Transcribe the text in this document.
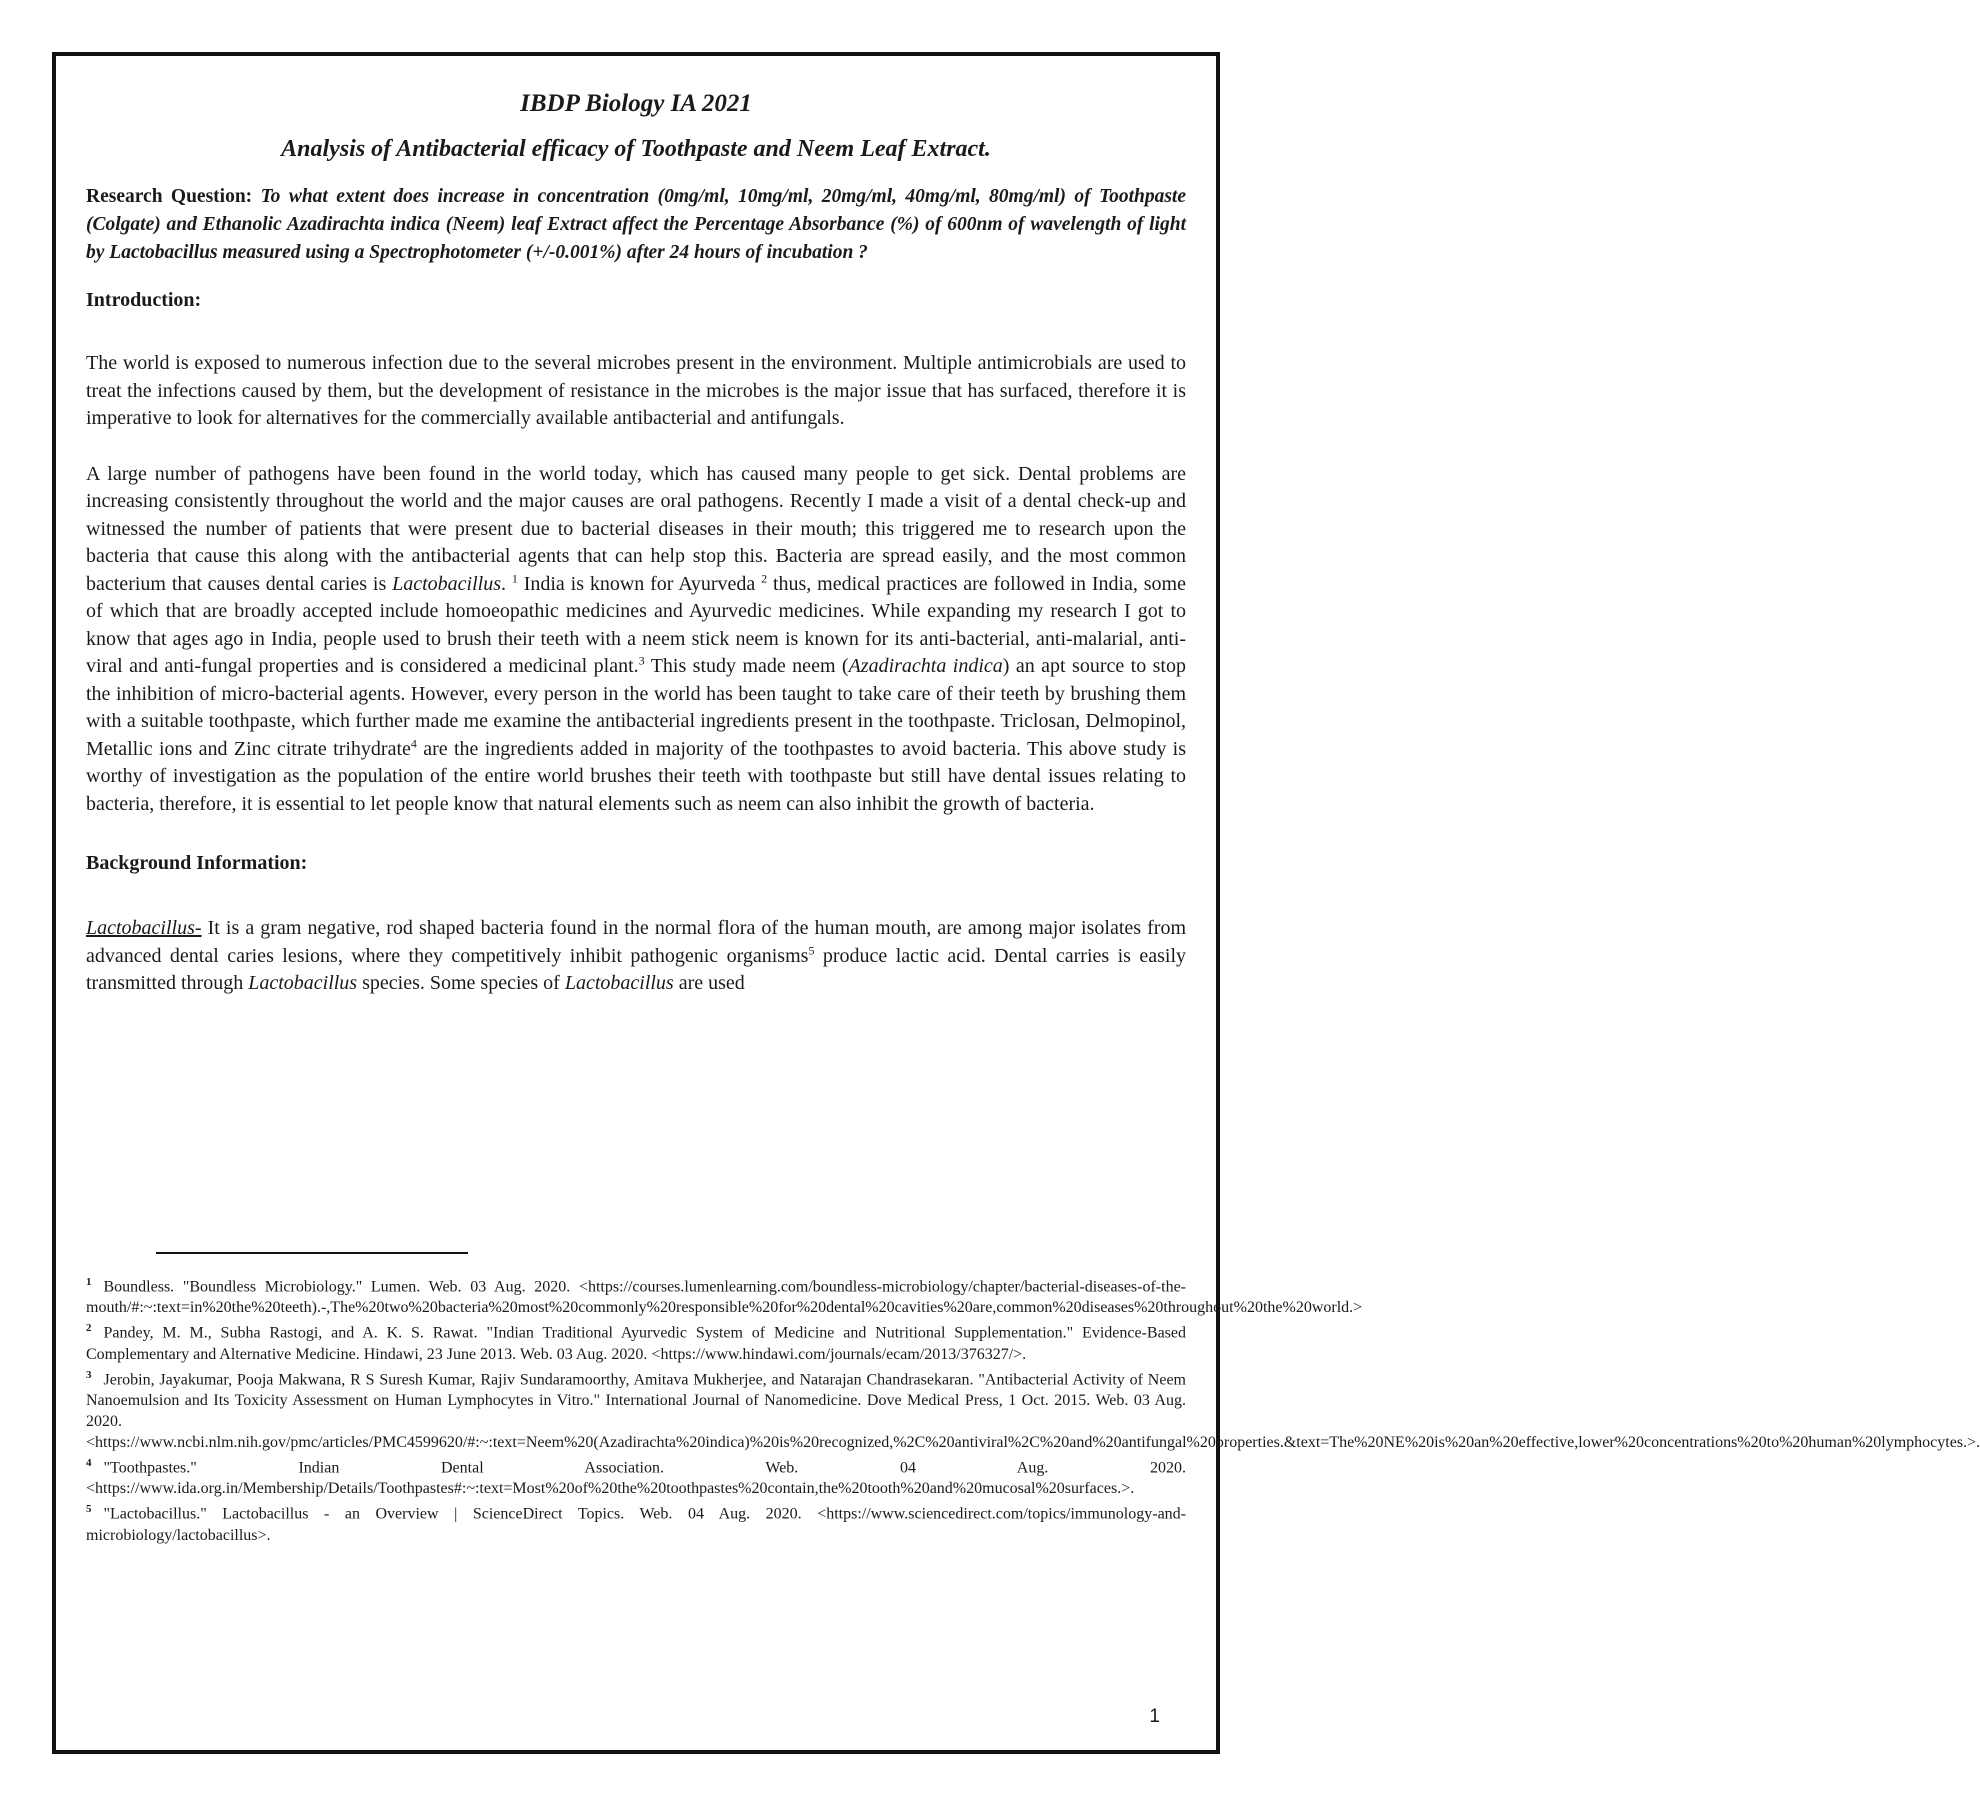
IBDP Biology IA 2021

Analysis of Antibacterial efficacy of Toothpaste and Neem Leaf Extract.

Research Question: To what extent does increase in concentration (0mg/ml, 10mg/ml, 20mg/ml, 40mg/ml, 80mg/ml) of Toothpaste (Colgate) and Ethanolic Azadirachta indica (Neem) leaf Extract affect the Percentage Absorbance (%) of 600nm of wavelength of light by Lactobacillus measured using a Spectrophotometer (+/-0.001%) after 24 hours of incubation ?

Introduction:

The world is exposed to numerous infection due to the several microbes present in the environment. Multiple antimicrobials are used to treat the infections caused by them, but the development of resistance in the microbes is the major issue that has surfaced, therefore it is imperative to look for alternatives for the commercially available antibacterial and antifungals.

A large number of pathogens have been found in the world today, which has caused many people to get sick. Dental problems are increasing consistently throughout the world and the major causes are oral pathogens. Recently I made a visit of a dental check-up and witnessed the number of patients that were present due to bacterial diseases in their mouth; this triggered me to research upon the bacteria that cause this along with the antibacterial agents that can help stop this. Bacteria are spread easily, and the most common bacterium that causes dental caries is Lactobacillus. $^1$ India is known for Ayurveda $^2$ thus, medical practices are followed in India, some of which that are broadly accepted include homoeopathic medicines and Ayurvedic medicines. While expanding my research I got to know that ages ago in India, people used to brush their teeth with a neem stick neem is known for its anti-bacterial, anti-malarial, anti-viral and anti-fungal properties and is considered a medicinal plant.$^3$ This study made neem (Azadirachta indica) an apt source to stop the inhibition of micro-bacterial agents. However, every person in the world has been taught to take care of their teeth by brushing them with a suitable toothpaste, which further made me examine the antibacterial ingredients present in the toothpaste. Triclosan, Delmopinol, Metallic ions and Zinc citrate trihydrate$^4$ are the ingredients added in majority of the toothpastes to avoid bacteria. This above study is worthy of investigation as the population of the entire world brushes their teeth with toothpaste but still have dental issues relating to bacteria, therefore, it is essential to let people know that natural elements such as neem can also inhibit the growth of bacteria.

Background Information:

Lactobacillus- It is a gram negative, rod shaped bacteria found in the normal flora of the human mouth, are among major isolates from advanced dental caries lesions, where they competitively inhibit pathogenic organisms$^5$ produce lactic acid. Dental carries is easily transmitted through Lactobacillus species. Some species of Lactobacillus are used

$^1$ Boundless. "Boundless Microbiology." Lumen. Web. 03 Aug. 2020. <https://courses.lumenlearning.com/boundless-microbiology/chapter/bacterial-diseases-of-the-mouth/#:~:text=in%20the%20teeth).-,The%20two%20bacteria%20most%20commonly%20responsible%20for%20dental%20cavities%20are,common%20diseases%20throughout%20the%20world.>

$^2$ Pandey, M. M., Subha Rastogi, and A. K. S. Rawat. "Indian Traditional Ayurvedic System of Medicine and Nutritional Supplementation." Evidence-Based Complementary and Alternative Medicine. Hindawi, 23 June 2013. Web. 03 Aug. 2020. <https://www.hindawi.com/journals/ecam/2013/376327/>.

$^3$ Jerobin, Jayakumar, Pooja Makwana, R S Suresh Kumar, Rajiv Sundaramoorthy, Amitava Mukherjee, and Natarajan Chandrasekaran. "Antibacterial Activity of Neem Nanoemulsion and Its Toxicity Assessment on Human Lymphocytes in Vitro." International Journal of Nanomedicine. Dove Medical Press, 1 Oct. 2015. Web. 03 Aug. 2020. <https://www.ncbi.nlm.nih.gov/pmc/articles/PMC4599620/#:~:text=Neem%20(Azadirachta%20indica)%20is%20recognized,%2C%20antiviral%2C%20and%20antifungal%20properties.&text=The%20NE%20is%20an%20effective,lower%20concentrations%20to%20human%20lymphocytes.>.

$^4$ "Toothpastes." Indian Dental Association. Web. 04 Aug. 2020. <https://www.ida.org.in/Membership/Details/Toothpastes#:~:text=Most%20of%20the%20toothpastes%20contain,the%20tooth%20and%20mucosal%20surfaces.>.

$^5$ "Lactobacillus." Lactobacillus - an Overview | ScienceDirect Topics. Web. 04 Aug. 2020. <https://www.sciencedirect.com/topics/immunology-and-microbiology/lactobacillus>.

1
